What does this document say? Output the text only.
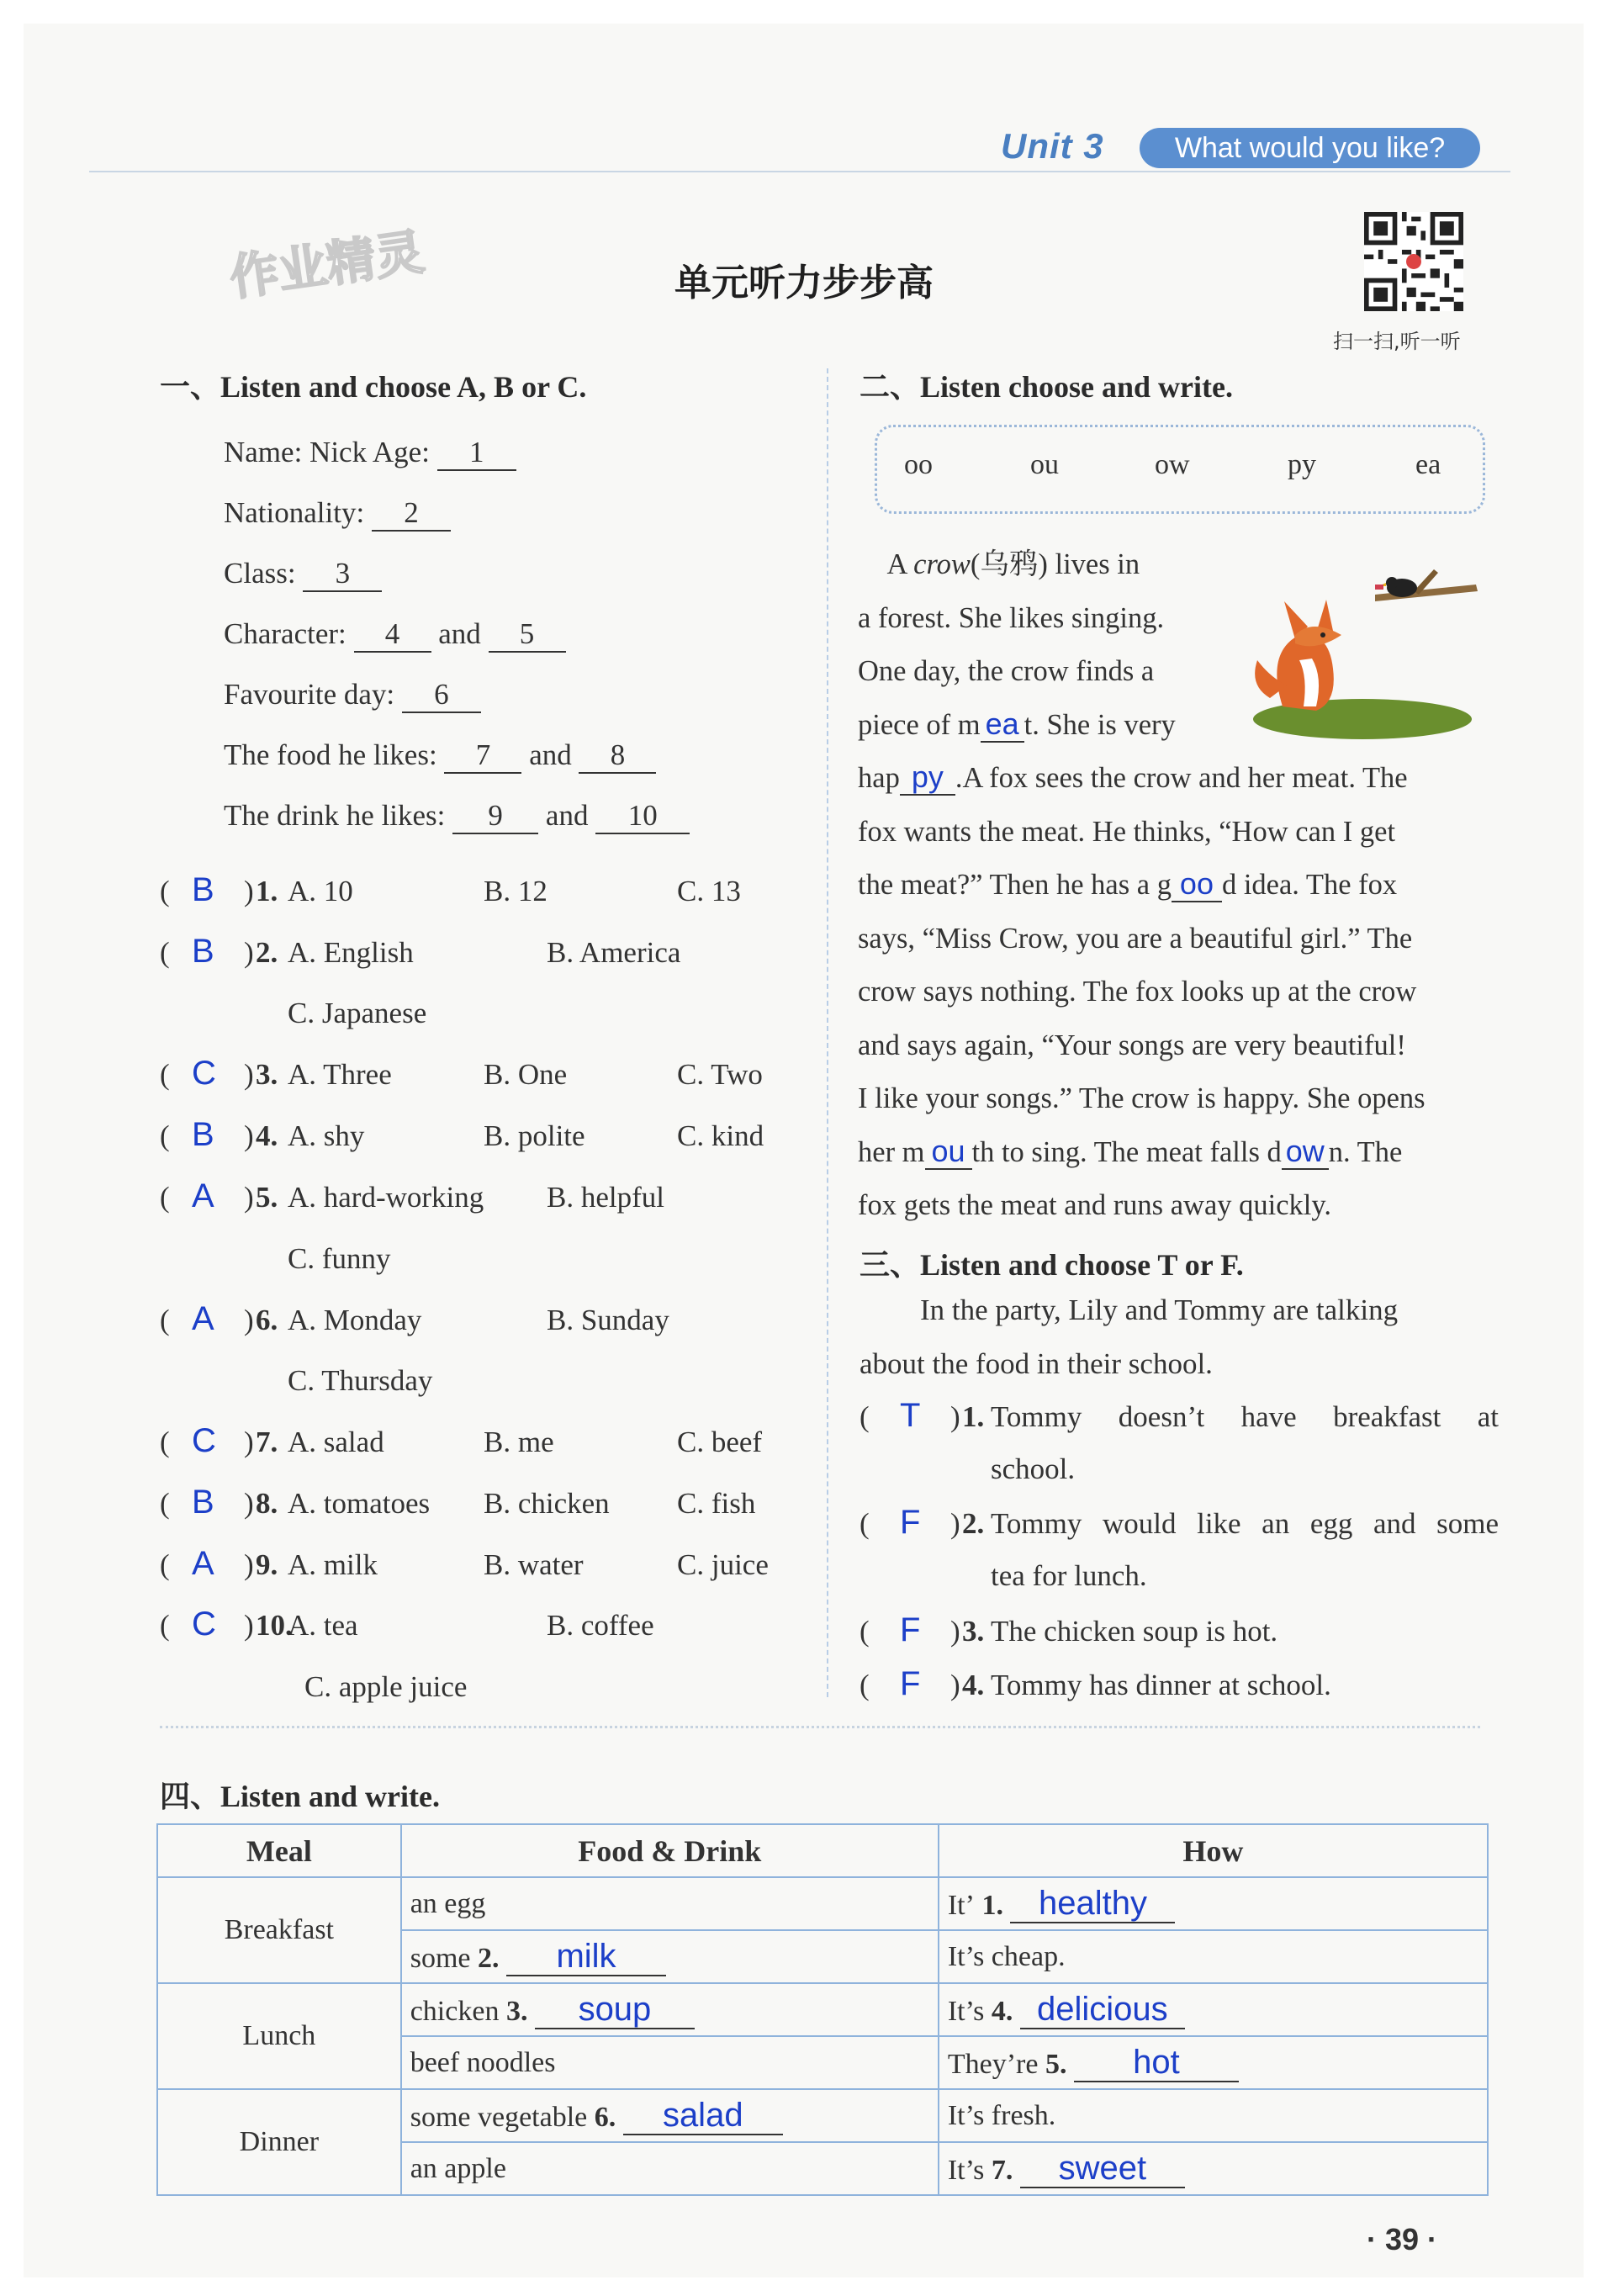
Unit 3	What would you like?
作业精灵	单元听力步步高
扫一扫,听一听
一、Listen and choose A, B or C.
Name: Nick Age: 1
Nationality: 2
Class: 3
Character: 4 and 5
Favourite day: 6
The food he likes: 7 and 8
The drink he likes: 9 and 10
( B ) 1. A. 10	B. 12	C. 13
( B ) 2. A. English	B. America
C. Japanese
( C ) 3. A. Three	B. One	C. Two
( B ) 4. A. shy	B. polite	C. kind
( A ) 5. A. hard-working B. helpful
C. funny
( A ) 6. A. Monday	B. Sunday
C. Thursday
( C ) 7. A. salad	B. me	C. beef
( B ) 8. A. tomatoes B. chicken C. fish
( A ) 9. A. milk	B. water	C. juice
( C ) 10.
A. tea	B. coffee
C. apple juice
二、Listen choose and write.
oo	ou	ow	py	ea
A crow(乌鸦) lives in
a forest. She likes singing.
One day, the crow finds a
piece of m ea t. She is very
hap py .A fox sees the crow and her meat. The
fox wants the meat. He thinks, “How can I get
the meat?” Then he has a g oo d idea. The fox
says, “Miss Crow, you are a beautiful girl.” The
crow says nothing. The fox looks up at the crow
and says again, “Your songs are very beautiful!
I like your songs.” The crow is happy. She opens
her m ou th to sing. The meat falls d ow n. The
fox gets the meat and runs away quickly.
三、Listen and choose T or F.
In the party, Lily and Tommy are talking
about the food in their school.
( T ) 1. Tommy doesn’t have breakfast at
school.
( F ) 2. Tommy would like an egg and some
tea for lunch.
( F ) 3. The chicken soup is hot.
( F ) 4. Tommy has dinner at school.
四、Listen and write.
Meal	Food & Drink	How
Breakfast	an egg	It’ 1. healthy
	some 2. milk	It’s cheap.
Lunch	chicken 3. soup	It’s 4. delicious
	beef noodles	They’re 5. hot
Dinner	some vegetable 6. salad	It’s fresh.
	an apple	It’s 7. sweet
· 39 ·
